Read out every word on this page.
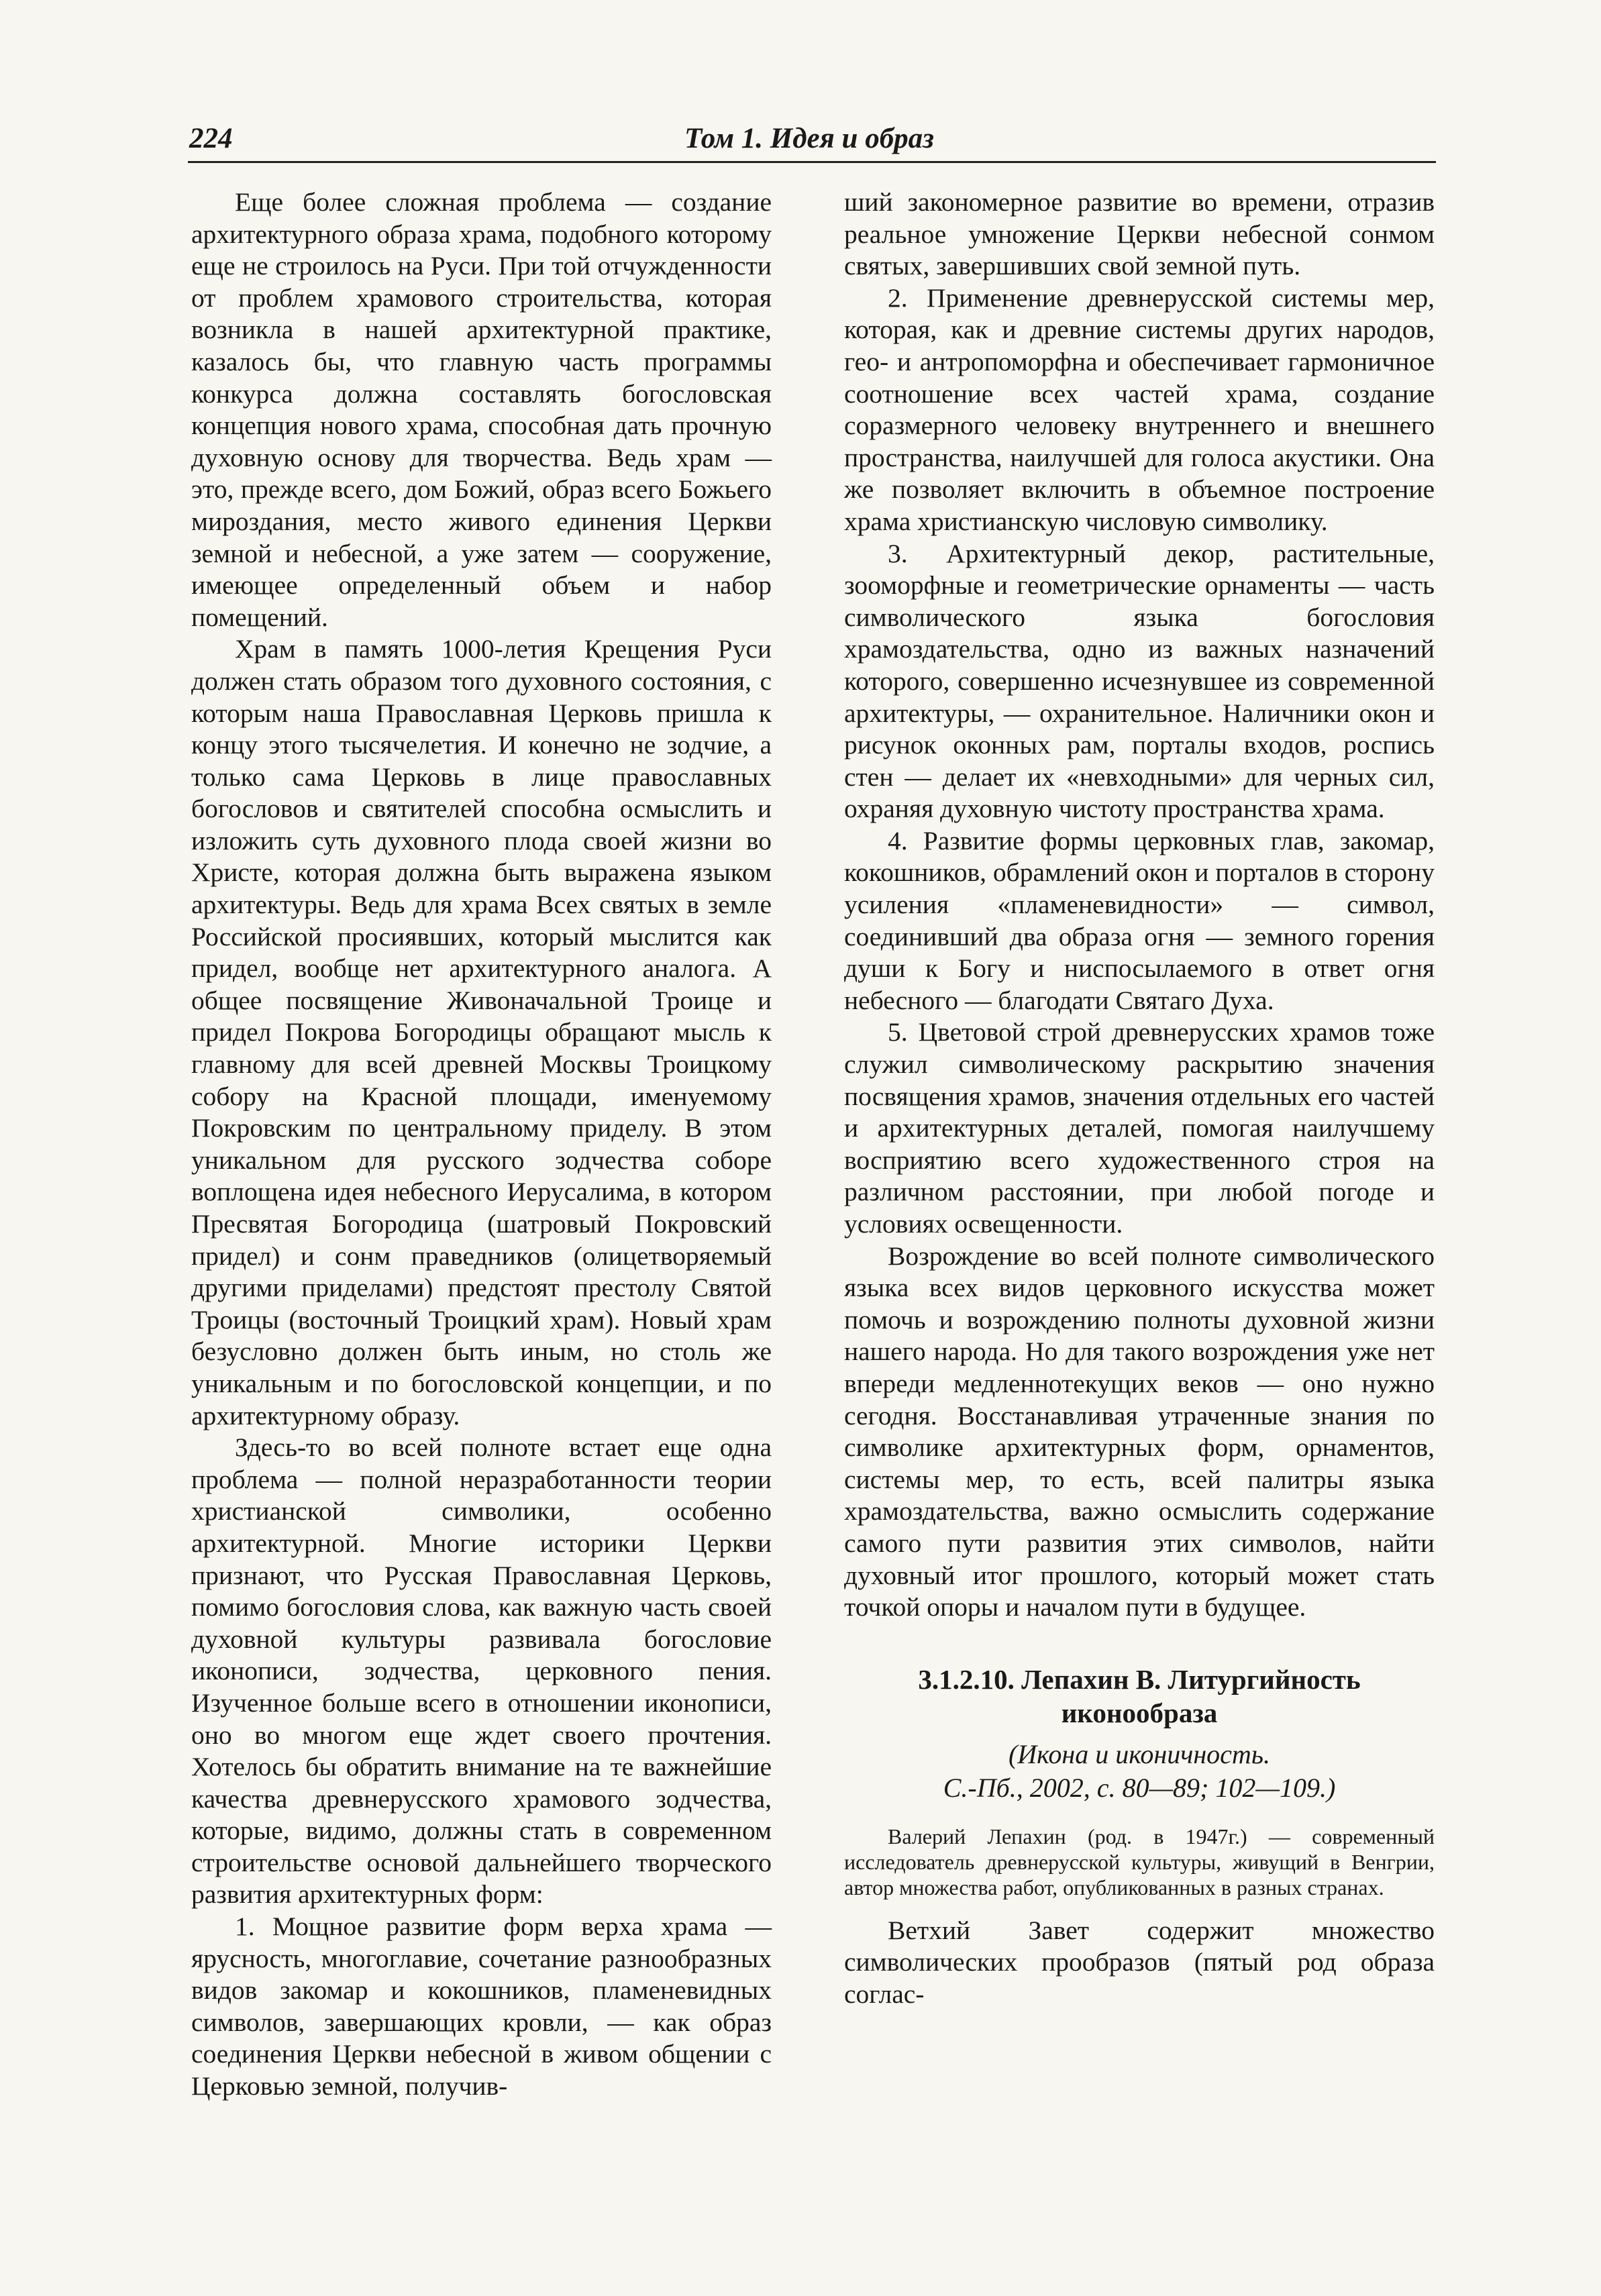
224	Том 1. Идея и образ

Еще более сложная проблема — создание архитектурного образа храма, подобного которому еще не строилось на Руси. При той отчужденности от проблем храмового строительства, которая возникла в нашей архитектурной практике, казалось бы, что главную часть программы конкурса должна составлять богословская концепция нового храма, способная дать прочную духовную основу для творчества. Ведь храм — это, прежде всего, дом Божий, образ всего Божьего мироздания, место живого единения Церкви земной и небесной, а уже затем — сооружение, имеющее определенный объем и набор помещений.

Храм в память 1000-летия Крещения Руси должен стать образом того духовного состояния, с которым наша Православная Церковь пришла к концу этого тысячелетия. И конечно не зодчие, а только сама Церковь в лице православных богословов и святителей способна осмыслить и изложить суть духовного плода своей жизни во Христе, которая должна быть выражена языком архитектуры. Ведь для храма Всех святых в земле Российской просиявших, который мыслится как придел, вообще нет архитектурного аналога. А общее посвящение Живоначальной Троице и придел Покрова Богородицы обращают мысль к главному для всей древней Москвы Троицкому собору на Красной площади, именуемому Покровским по центральному приделу. В этом уникальном для русского зодчества соборе воплощена идея небесного Иерусалима, в котором Пресвятая Богородица (шатровый Покровский придел) и сонм праведников (олицетворяемый другими приделами) предстоят престолу Святой Троицы (восточный Троицкий храм). Новый храм безусловно должен быть иным, но столь же уникальным и по богословской концепции, и по архитектурному образу.

Здесь-то во всей полноте встает еще одна проблема — полной неразработанности теории христианской символики, особенно архитектурной. Многие историки Церкви признают, что Русская Православная Церковь, помимо богословия слова, как важную часть своей духовной культуры развивала богословие иконописи, зодчества, церковного пения. Изученное больше всего в отношении иконописи, оно во многом еще ждет своего прочтения. Хотелось бы обратить внимание на те важнейшие качества древнерусского храмового зодчества, которые, видимо, должны стать в современном строительстве основой дальнейшего творческого развития архитектурных форм:

1. Мощное развитие форм верха храма — ярусность, многоглавие, сочетание разнообразных видов закомар и кокошников, пламеневидных символов, завершающих кровли, — как образ соединения Церкви небесной в живом общении с Церковью земной, получив-

ший закономерное развитие во времени, отразив реальное умножение Церкви небесной сонмом святых, завершивших свой земной путь.

2. Применение древнерусской системы мер, которая, как и древние системы других народов, гео- и антропоморфна и обеспечивает гармоничное соотношение всех частей храма, создание соразмерного человеку внутреннего и внешнего пространства, наилучшей для голоса акустики. Она же позволяет включить в объемное построение храма христианскую числовую символику.

3. Архитектурный декор, растительные, зооморфные и геометрические орнаменты — часть символического языка богословия храмоздательства, одно из важных назначений которого, совершенно исчезнувшее из современной архитектуры, — охранительное. Наличники окон и рисунок оконных рам, порталы входов, роспись стен — делает их «невходными» для черных сил, охраняя духовную чистоту пространства храма.

4. Развитие формы церковных глав, закомар, кокошников, обрамлений окон и порталов в сторону усиления «пламеневидности» — символ, соединивший два образа огня — земного горения души к Богу и ниспосылаемого в ответ огня небесного — благодати Святаго Духа.

5. Цветовой строй древнерусских храмов тоже служил символическому раскрытию значения посвящения храмов, значения отдельных его частей и архитектурных деталей, помогая наилучшему восприятию всего художественного строя на различном расстоянии, при любой погоде и условиях освещенности.

Возрождение во всей полноте символического языка всех видов церковного искусства может помочь и возрождению полноты духовной жизни нашего народа. Но для такого возрождения уже нет впереди медленнотекущих веков — оно нужно сегодня. Восстанавливая утраченные знания по символике архитектурных форм, орнаментов, системы мер, то есть, всей палитры языка храмоздательства, важно осмыслить содержание самого пути развития этих символов, найти духовный итог прошлого, который может стать точкой опоры и началом пути в будущее.

3.1.2.10. Лепахин В. Литургийность иконообраза
(Икона и иконичность.
С.-Пб., 2002, с. 80—89; 102—109.)
Валерий Лепахин (род. в 1947г.) — современный исследователь древнерусской культуры, живущий в Венгрии, автор множества работ, опубликованных в разных странах.

Ветхий Завет содержит множество символических прообразов (пятый род образа соглас-
